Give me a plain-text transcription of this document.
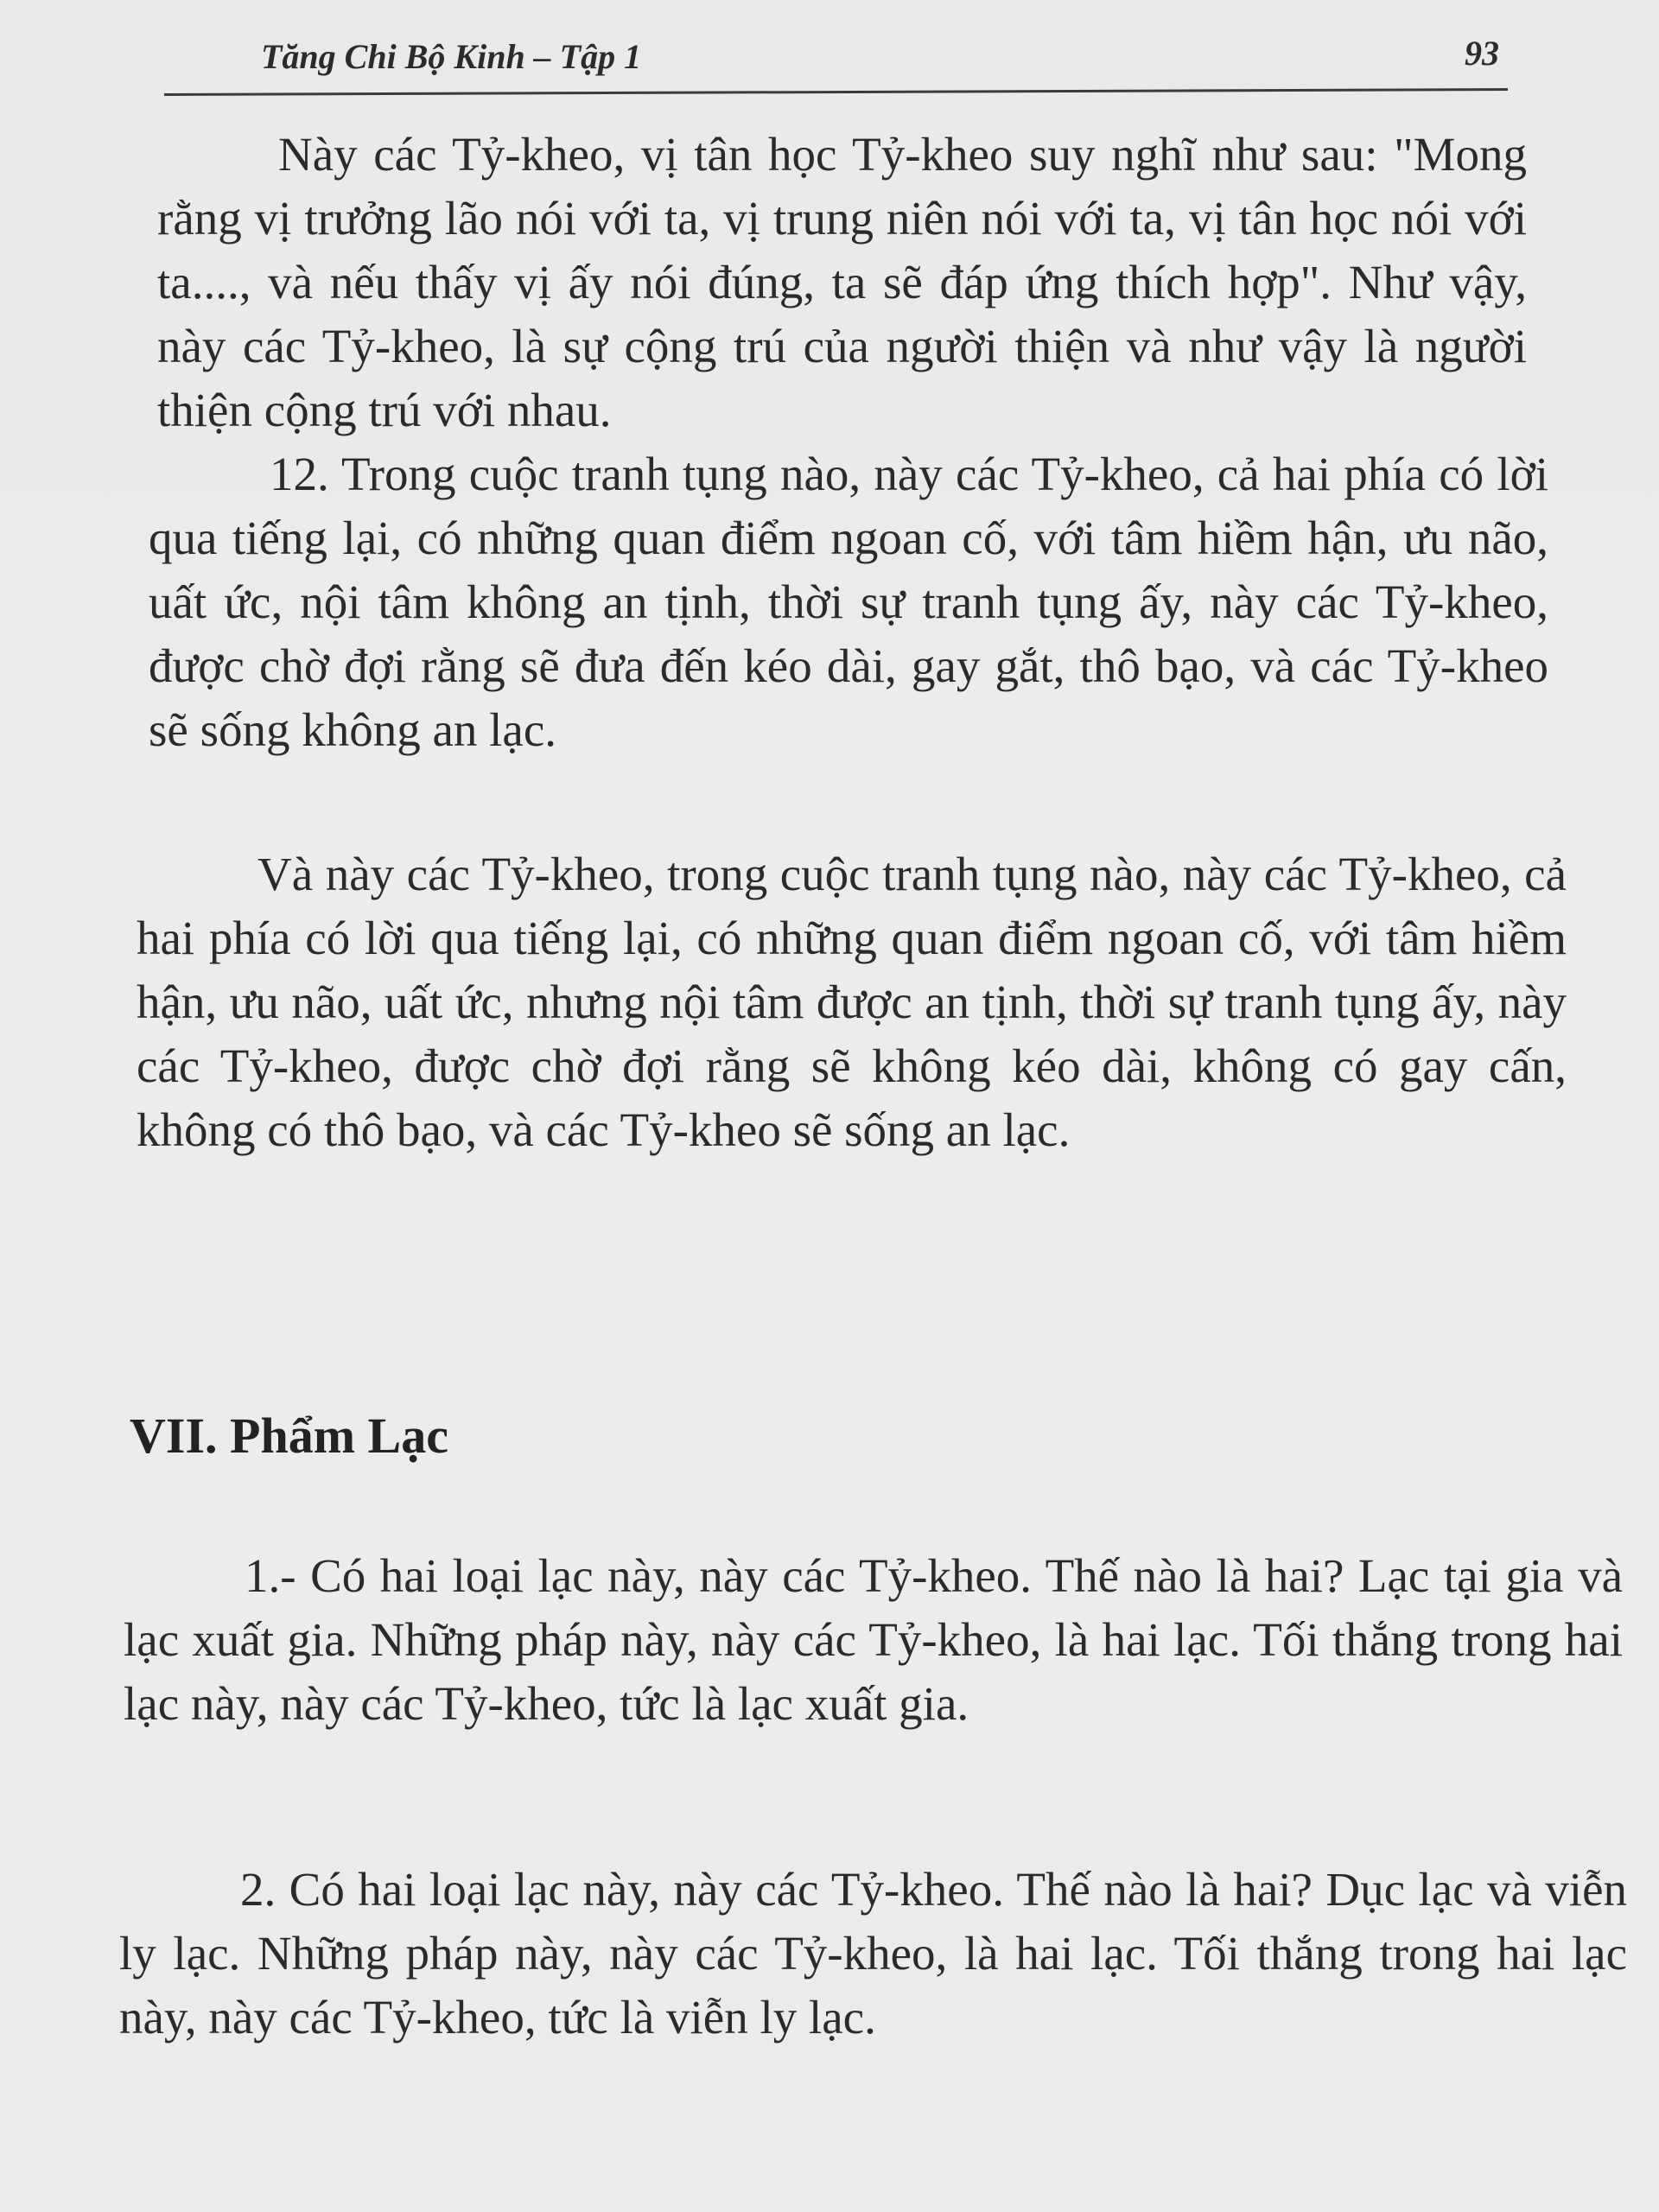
Tăng Chi Bộ Kinh – Tập 1	93

Này các Tỷ-kheo, vị tân học Tỷ-kheo suy nghĩ như sau: "Mong rằng vị trưởng lão nói với ta, vị trung niên nói với ta, vị tân học nói với ta...., và nếu thấy vị ấy nói đúng, ta sẽ đáp ứng thích hợp". Như vậy, này các Tỷ-kheo, là sự cộng trú của người thiện và như vậy là người thiện cộng trú với nhau.

12. Trong cuộc tranh tụng nào, này các Tỷ-kheo, cả hai phía có lời qua tiếng lại, có những quan điểm ngoan cố, với tâm hiềm hận, ưu não, uất ức, nội tâm không an tịnh, thời sự tranh tụng ấy, này các Tỷ-kheo, được chờ đợi rằng sẽ đưa đến kéo dài, gay gắt, thô bạo, và các Tỷ-kheo sẽ sống không an lạc.

Và này các Tỷ-kheo, trong cuộc tranh tụng nào, này các Tỷ-kheo, cả hai phía có lời qua tiếng lại, có những quan điểm ngoan cố, với tâm hiềm hận, ưu não, uất ức, nhưng nội tâm được an tịnh, thời sự tranh tụng ấy, này các Tỷ-kheo, được chờ đợi rằng sẽ không kéo dài, không có gay cấn, không có thô bạo, và các Tỷ-kheo sẽ sống an lạc.

VII. Phẩm Lạc

1.- Có hai loại lạc này, này các Tỷ-kheo. Thế nào là hai? Lạc tại gia và lạc xuất gia. Những pháp này, này các Tỷ-kheo, là hai lạc. Tối thắng trong hai lạc này, này các Tỷ-kheo, tức là lạc xuất gia.

2. Có hai loại lạc này, này các Tỷ-kheo. Thế nào là hai? Dục lạc và viễn ly lạc. Những pháp này, này các Tỷ-kheo, là hai lạc. Tối thắng trong hai lạc này, này các Tỷ-kheo, tức là viễn ly lạc.
